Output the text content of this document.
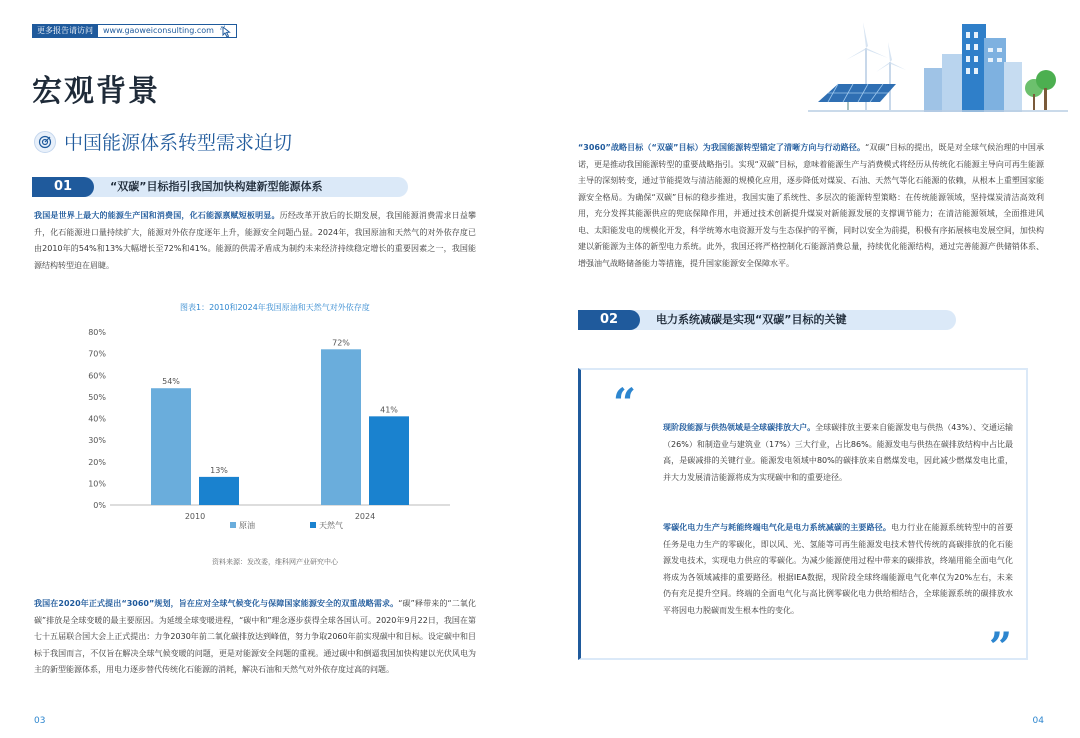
更多报告请访问	www.gaoweiconsulting.com
宏观背景
中国能源体系转型需求迫切
01	“双碳”目标指引我国加快构建新型能源体系
我国是世界上最大的能源生产国和消费国，化石能源禀赋短板明显。历经改革开放后的长期发展，我国能源消费需求日益攀升，化石能源进口量持续扩大，能源对外依存度逐年上升，能源安全问题凸显。2024年，我国原油和天然气的对外依存度已由2010年的54%和13%大幅增长至72%和41%。能源的供需矛盾成为制约未来经济持续稳定增长的重要因素之一，我国能源结构转型迫在眉睫。
图表1：2010和2024年我国原油和天然气对外依存度
0%
10%
20%
30%
40%
50%
60%
70%
80%
54%
13%
2010
72%
41%
2024
原油	天然气
资料来源：发改委，维科网产业研究中心
我国在2020年正式提出“3060”规划，旨在应对全球气候变化与保障国家能源安全的双重战略需求。“碳”释带来的“二氧化碳”排放是全球变暖的最主要原因。为延缓全球变暖进程，“碳中和”理念逐步获得全球各国认可。2020年9月22日，我国在第七十五届联合国大会上正式提出：力争2030年前二氧化碳排放达到峰值，努力争取2060年前实现碳中和目标。设定碳中和目标于我国而言，不仅旨在解决全球气候变暖的问题，更是对能源安全问题的重视。通过碳中和倒逼我国加快构建以光伏风电为主的新型能源体系，用电力逐步替代传统化石能源的消耗，解决石油和天然气对外依存度过高的问题。
03
“3060”战略目标（“双碳”目标）为我国能源转型锚定了清晰方向与行动路径。“双碳”目标的提出，既是对全球气候治理的中国承诺，更是推动我国能源转型的重要战略指引。实现“双碳”目标，意味着能源生产与消费模式将经历从传统化石能源主导向可再生能源主导的深刻转变，通过节能提效与清洁能源的规模化应用，逐步降低对煤炭、石油、天然气等化石能源的依赖，从根本上重塑国家能源安全格局。为确保“双碳”目标的稳步推进，我国实施了系统性、多层次的能源转型策略：在传统能源领域，坚持煤炭清洁高效利用，充分发挥其能源供应的兜底保障作用，并通过技术创新提升煤炭对新能源发展的支撑调节能力；在清洁能源领域，全面推进风电、太阳能发电的规模化开发，科学统筹水电资源开发与生态保护的平衡，同时以安全为前提，积极有序拓展核电发展空间，加快构建以新能源为主体的新型电力系统。此外，我国还将严格控制化石能源消费总量，持续优化能源结构，通过完善能源产供储销体系、增强油气战略储备能力等措施，提升国家能源安全保障水平。
02	电力系统减碳是实现“双碳”目标的关键
“
现阶段能源与供热领域是全球碳排放大户。全球碳排放主要来自能源发电与供热（43%）、交通运输（26%）和制造业与建筑业（17%）三大行业，占比86%。能源发电与供热在碳排放结构中占比最高，是碳减排的关键行业。能源发电领域中80%的碳排放来自燃煤发电，因此减少燃煤发电比重，并大力发展清洁能源将成为实现碳中和的重要途径。
零碳化电力生产与耗能终端电气化是电力系统减碳的主要路径。电力行业在能源系统转型中的首要任务是电力生产的零碳化，即以风、光、氢能等可再生能源发电技术替代传统的高碳排放的化石能源发电技术，实现电力供应的零碳化。为减少能源使用过程中带来的碳排放，终端用能全面电气化将成为各领域减排的重要路径。根据IEA数据，现阶段全球终端能源电气化率仅为20%左右，未来仍有充足提升空间。终端的全面电气化与高比例零碳化电力供给相结合，全球能源系统的碳排放水平将因电力脱碳而发生根本性的变化。
”
04
